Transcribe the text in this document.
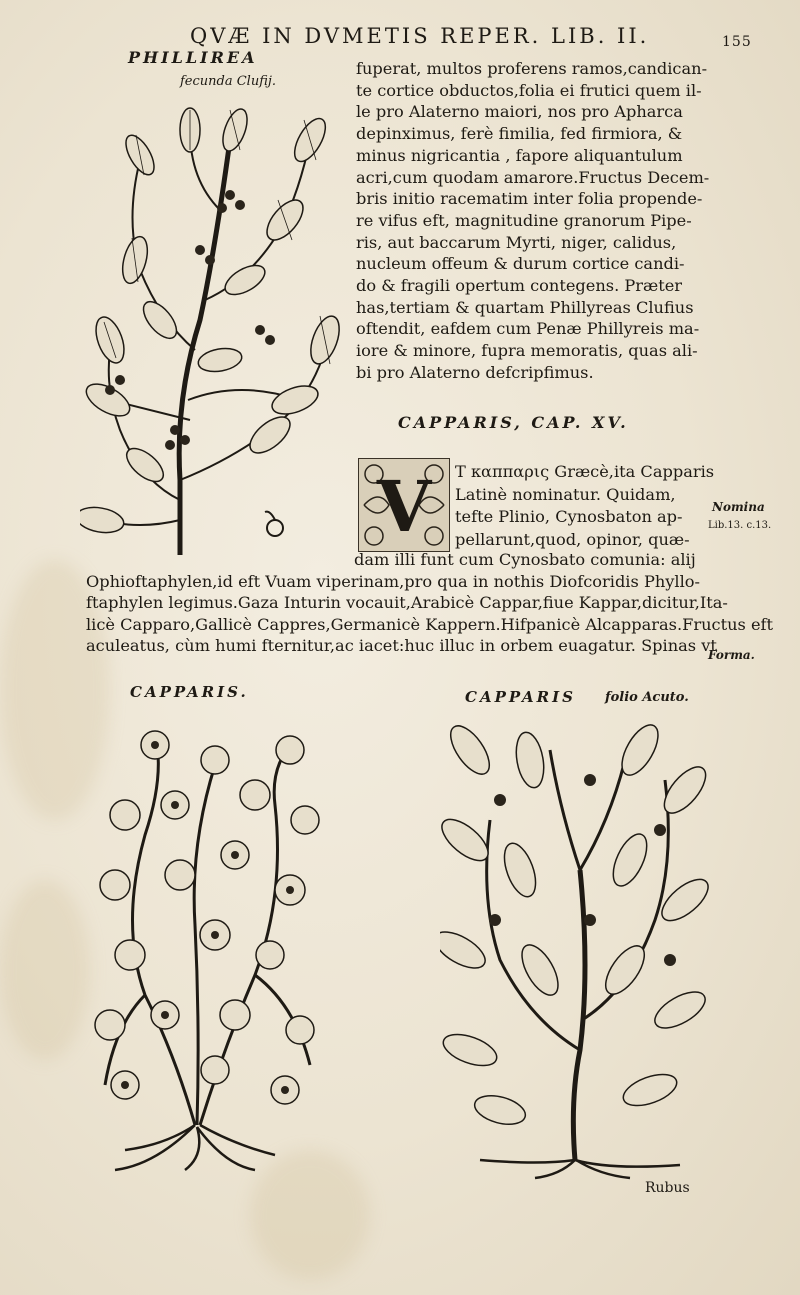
QVÆ IN DVMETIS REPER. LIB. II.	155
PHILLIREA
fecunda Clufij.
fuperat, multos proferens ramos,candican-
te cortice obductos,folia ei frutici quem il-
le pro Alaterno maiori, nos pro Apharca
depinximus, ferè fimilia, fed firmiora, &
minus nigricantia , fapore aliquantulum
acri,cum quodam amarore.Fructus Decem-
bris initio racematim inter folia propende-
re vifus eft, magnitudine granorum Pipe-
ris, aut baccarum Myrti, niger, calidus,
nucleum offeum & durum cortice candi-
do & fragili opertum contegens. Præter
has,tertiam & quartam Phillyreas Clufius
oftendit, eafdem cum Penæ Phillyreis ma-
iore & minore, fupra memoratis, quas ali-
bi pro Alaterno defcripfimus.
CAPPARIS, CAP. XV.
V T καππαρις Græcè,ita Capparis
Latinè nominatur. Quidam,
tefte Plinio, Cynosbaton ap-
pellarunt,quod, opinor, quæ-
dam illi funt cum Cynosbato comunia: alij
Ophioftaphylen,id eft Vuam viperinam,pro qua in nothis Diofcoridis Phyllo-
ftaphylen legimus.Gaza Inturin vocauit,Arabicè Cappar,fiue Kappar,dicitur,Ita-
licè Capparo,Gallicè Cappres,Germanicè Kappern.Hifpanicè Alcapparas.Fructus eft
aculeatus, cùm humi fternitur,ac iacet:huc illuc in orbem euagatur. Spinas vt
Nomina
Lib.13. c.13.
Forma.
CAPPARIS.	CAPPARIS folio Acuto.
Rubus
